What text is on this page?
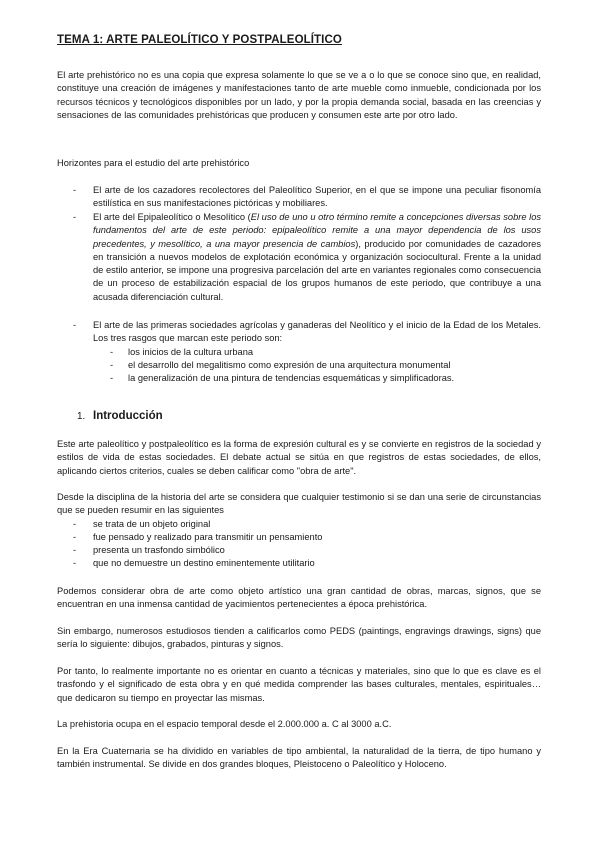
TEMA 1: ARTE PALEOLÍTICO Y POSTPALEOLÍTICO
El arte prehistórico no es una copia que expresa solamente lo que se ve a o lo que se conoce sino que, en realidad, constituye una creación de imágenes y manifestaciones tanto de arte mueble como inmueble, condicionada por los recursos técnicos y tecnológicos disponibles por un lado, y por la propia demanda social, basada en las creencias y sensaciones de las comunidades prehistóricas que producen y consumen este arte por otro lado.
Horizontes para el estudio del arte prehistórico
- El arte de los cazadores recolectores del Paleolítico Superior, en el que se impone una peculiar fisonomía estilística en sus manifestaciones pictóricas y mobiliares.
- El arte del Epipaleolítico o Mesolítico (El uso de uno u otro término remite a concepciones diversas sobre los fundamentos del arte de este periodo: epipaleolítico remite a una mayor dependencia de los usos precedentes, y mesolítico, a una mayor presencia de cambios), producido por comunidades de cazadores en transición a nuevos modelos de explotación económica y organización sociocultural. Frente a la unidad de estilo anterior, se impone una progresiva parcelación del arte en variantes regionales como consecuencia de un proceso de estabilización espacial de los grupos humanos de este periodo, que contribuye a una acusada diferenciación cultural.
- El arte de las primeras sociedades agrícolas y ganaderas del Neolítico y el inicio de la Edad de los Metales. Los tres rasgos que marcan este periodo son:
- los inicios de la cultura urbana
- el desarrollo del megalitismo como expresión de una arquitectura monumental
- la generalización de una pintura de tendencias esquemáticas y simplificadoras.
1. Introducción
Este arte paleolítico y postpaleolítico es la forma de expresión cultural es y se convierte en registros de la sociedad y estilos de vida de estas sociedades. El debate actual se sitúa en que registros de estas sociedades, de ellos, aplicando ciertos criterios, cuales se deben calificar como "obra de arte".
Desde la disciplina de la historia del arte se considera que cualquier testimonio si se dan una serie de circunstancias que se pueden resumir en las siguientes
- se trata de un objeto original
- fue pensado y realizado para transmitir un pensamiento
- presenta un trasfondo simbólico
- que no demuestre un destino eminentemente utilitario
Podemos considerar obra de arte como objeto artístico una gran cantidad de obras, marcas, signos, que se encuentran en una inmensa cantidad de yacimientos pertenecientes a época prehistórica.
Sin embargo, numerosos estudiosos tienden a calificarlos como PEDS (paintings, engravings drawings, signs) que sería lo siguiente: dibujos, grabados, pinturas y signos.
Por tanto, lo realmente importante no es orientar en cuanto a técnicas y materiales, sino que lo que es clave es el trasfondo y el significado de esta obra y en qué medida comprender las bases culturales, mentales, espirituales… que dedicaron su tiempo en proyectar las mismas.
La prehistoria ocupa en el espacio temporal desde el 2.000.000 a. C al 3000 a.C.
En la Era Cuaternaria se ha dividido en variables de tipo ambiental, la naturalidad de la tierra, de tipo humano y también instrumental. Se divide en dos grandes bloques, Pleistoceno o Paleolítico y Holoceno.
